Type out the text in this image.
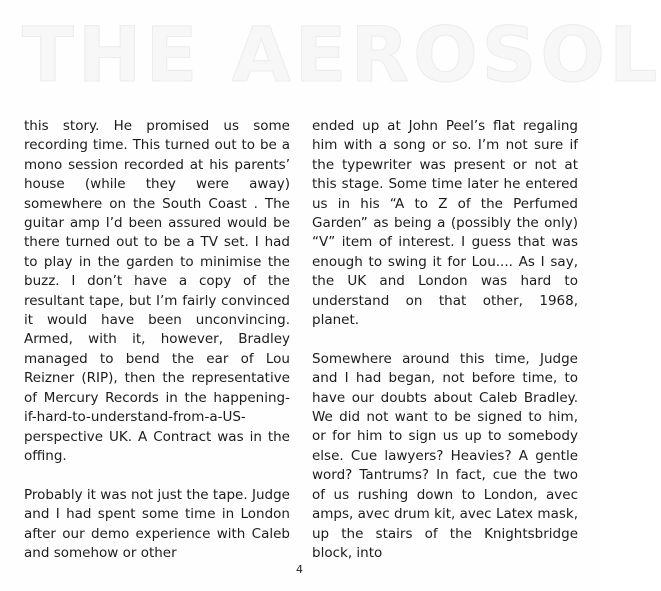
THE AEROSOL

this story. He promised us some recording time. This turned out to be a mono session recorded at his parents’ house (while they were away) somewhere on the South Coast . The guitar amp I’d been assured would be there turned out to be a TV set. I had to play in the garden to minimise the buzz. I don’t have a copy of the resultant tape, but I’m fairly convinced it would have been unconvincing. Armed, with it, however, Bradley managed to bend the ear of Lou Reizner (RIP), then the representative of Mercury Records in the happening-if-hard-to-understand-from-a-US-perspective UK. A Contract was in the offing.

Probably it was not just the tape. Judge and I had spent some time in London after our demo experience with Caleb and somehow or other

ended up at John Peel’s flat regaling him with a song or so. I’m not sure if the typewriter was present or not at this stage. Some time later he entered us in his “A to Z of the Perfumed Garden” as being a (possibly the only) “V” item of interest. I guess that was enough to swing it for Lou.... As I say, the UK and London was hard to understand on that other, 1968, planet.

Somewhere around this time, Judge and I had began, not before time, to have our doubts about Caleb Bradley. We did not want to be signed to him, or for him to sign us up to somebody else. Cue lawyers? Heavies? A gentle word? Tantrums? In fact, cue the two of us rushing down to London, avec amps, avec drum kit, avec Latex mask, up the stairs of the Knightsbridge block, into

4
